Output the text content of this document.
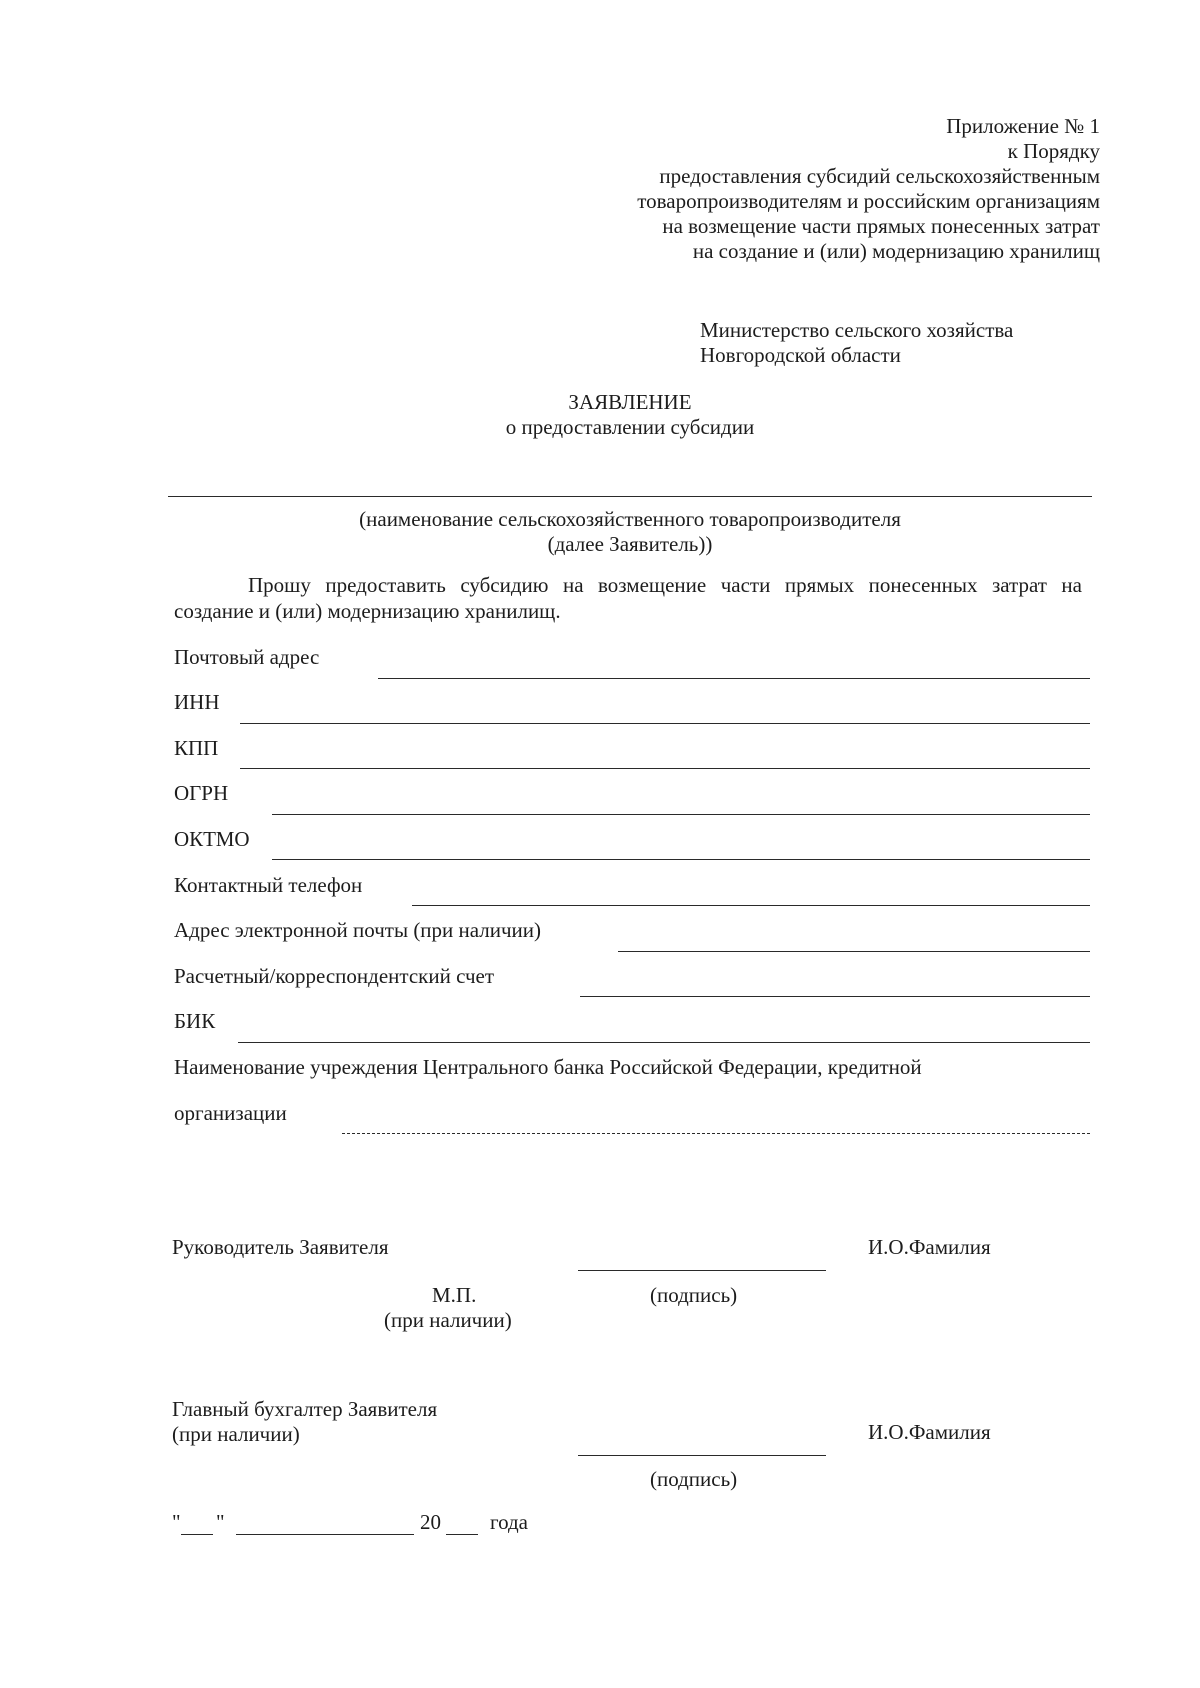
Приложение № 1
к Порядку
предоставления субсидий сельскохозяйственным
товаропроизводителям и российским организациям
на возмещение части прямых понесенных затрат
на создание и (или) модернизацию хранилищ
Министерство сельского хозяйства
Новгородской области
ЗАЯВЛЕНИЕ
о предоставлении субсидии
(наименование сельскохозяйственного товаропроизводителя
(далее Заявитель))
Прошу предоставить субсидию на возмещение части прямых понесенных затрат на создание и (или) модернизацию хранилищ.
Почтовый адрес
ИНН
КПП
ОГРН
ОКТМО
Контактный телефон
Адрес электронной почты (при наличии)
Расчетный/корреспондентский счет
БИК
Наименование учреждения Центрального банка Российской Федерации, кредитной
организации
Руководитель Заявителя	И.О.Фамилия
М.П.
(при наличии)
(подпись)
Главный бухгалтер Заявителя
(при наличии)	И.О.Фамилия
(подпись)
" "	20 года
